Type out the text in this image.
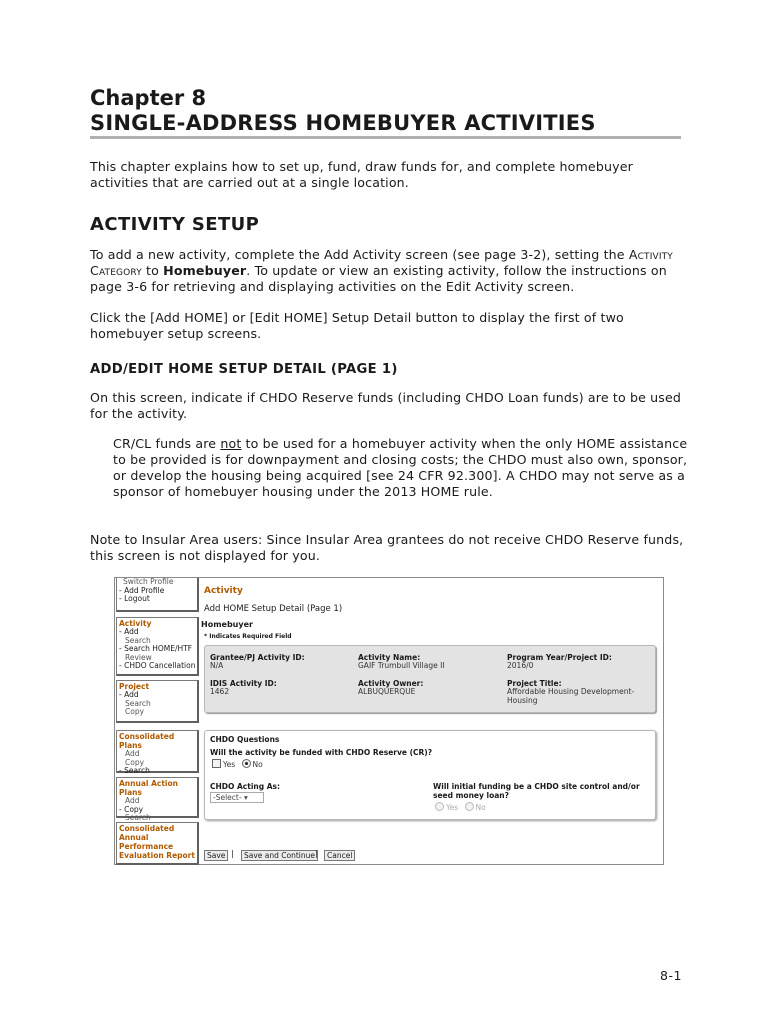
Chapter 8
SINGLE-ADDRESS HOMEBUYER ACTIVITIES
This chapter explains how to set up, fund, draw funds for, and complete homebuyer
activities that are carried out at a single location.
ACTIVITY SETUP
To add a new activity, complete the Add Activity screen (see page 3-2), setting the Activity
Category to Homebuyer. To update or view an existing activity, follow the instructions on
page 3-6 for retrieving and displaying activities on the Edit Activity screen.
Click the [Add HOME] or [Edit HOME] Setup Detail button to display the first of two
homebuyer setup screens.
ADD/EDIT HOME SETUP DETAIL (PAGE 1)
On this screen, indicate if CHDO Reserve funds (including CHDO Loan funds) are to be used
for the activity.
CR/CL funds are not to be used for a homebuyer activity when the only HOME assistance
to be provided is for downpayment and closing costs; the CHDO must also own, sponsor,
or develop the housing being acquired [see 24 CFR 92.300]. A CHDO may not serve as a
sponsor of homebuyer housing under the 2013 HOME rule.
Note to Insular Area users: Since Insular Area grantees do not receive CHDO Reserve funds,
this screen is not displayed for you.
Switch Profile
- Add Profile
- Logout
Activity
- Add
Search
- Search HOME/HTF
Review
- CHDO Cancellation
Project
- Add
Search
Copy
Consolidated Plans
Add
Copy
- Search
Annual Action Plans
Add
- Copy
Search
Consolidated
Annual
Performance
Evaluation Report
Activity
Add HOME Setup Detail (Page 1)
Homebuyer
* Indicates Required Field
Grantee/PJ Activity ID:
N/A
Activity Name:
GAIF Trumbull Village II
Program Year/Project ID:
2016/0
IDIS Activity ID:
1462
Activity Owner:
ALBUQUERQUE
Project Title:
Affordable Housing Development-
Housing
CHDO Questions
Will the activity be funded with CHDO Reserve (CR)?
Yes No
CHDO Acting As:
-Select- ▾
Will initial funding be a CHDO site control and/or
seed money loan?
Yes No
Save |	Save and Continue |	Cancel
8-1
